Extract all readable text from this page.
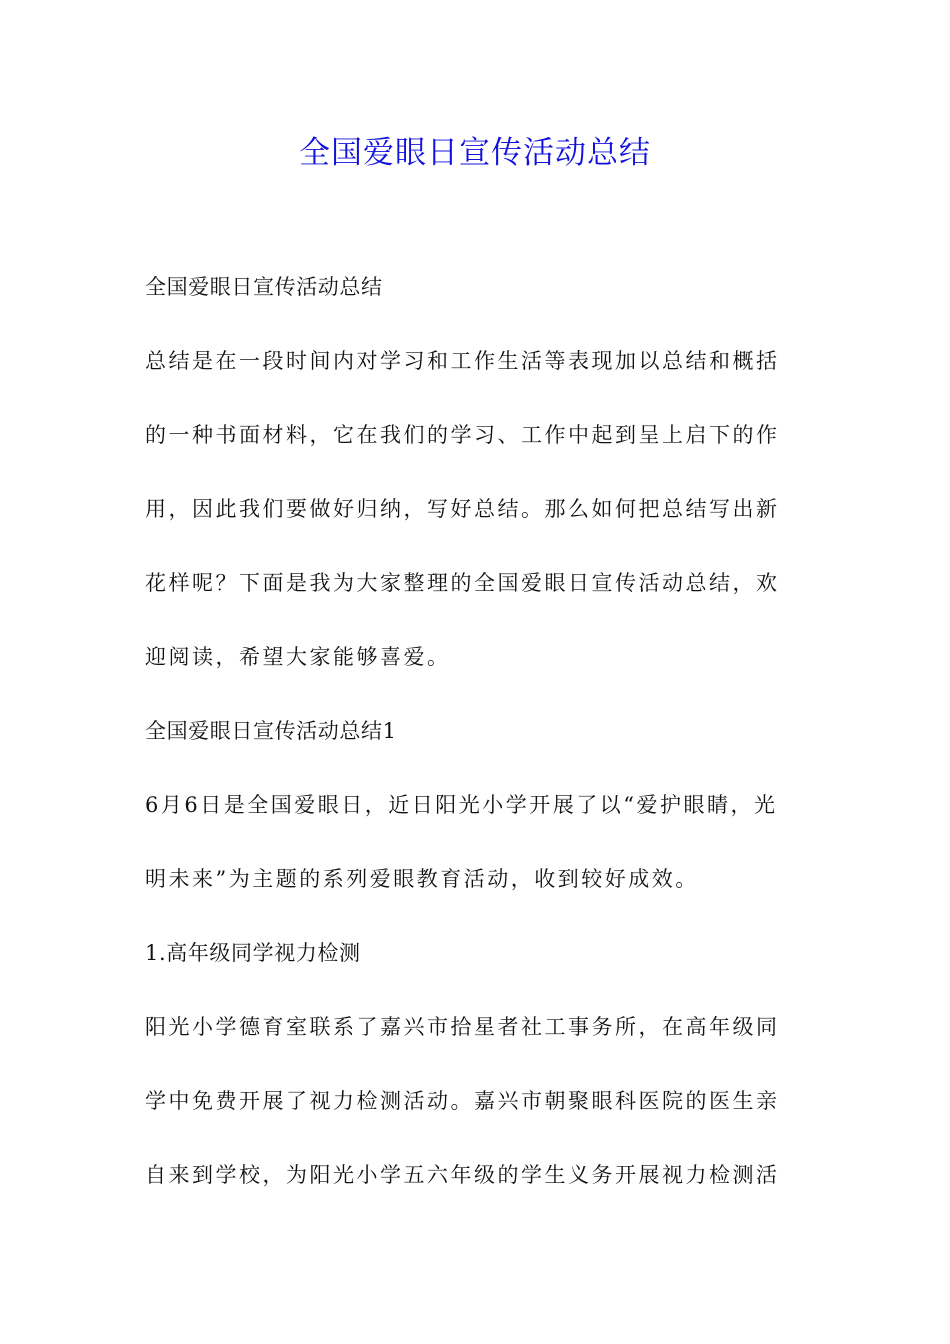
全国爱眼日宣传活动总结
全国爱眼日宣传活动总结
总结是在一段时间内对学习和工作生活等表现加以总结和概括
的一种书面材料，它在我们的学习、工作中起到呈上启下的作
用，因此我们要做好归纳，写好总结。那么如何把总结写出新
花样呢？下面是我为大家整理的全国爱眼日宣传活动总结，欢
迎阅读，希望大家能够喜爱。
全国爱眼日宣传活动总结1
6月6日是全国爱眼日，近日阳光小学开展了以“爱护眼睛，光
明未来”为主题的系列爱眼教育活动，收到较好成效。
1.高年级同学视力检测
阳光小学德育室联系了嘉兴市拾星者社工事务所，在高年级同
学中免费开展了视力检测活动。嘉兴市朝聚眼科医院的医生亲
自来到学校，为阳光小学五六年级的学生义务开展视力检测活
